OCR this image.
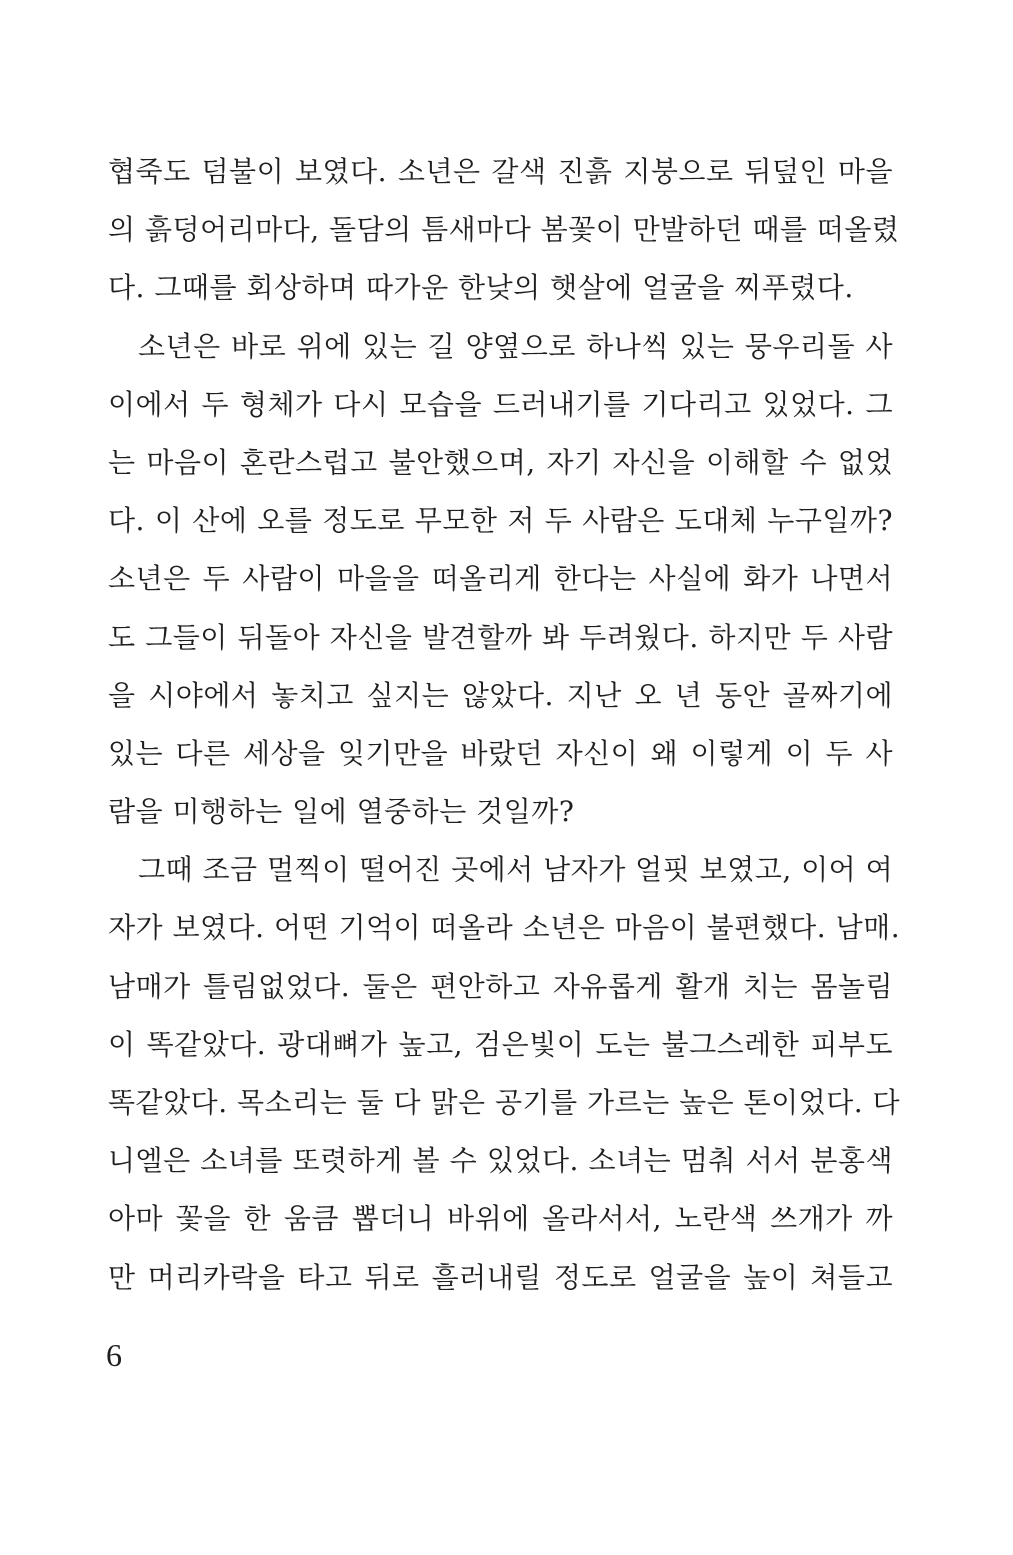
협죽도 덤불이 보였다. 소년은 갈색 진흙 지붕으로 뒤덮인 마을
의 흙덩어리마다, 돌담의 틈새마다 봄꽃이 만발하던 때를 떠올렸
다. 그때를 회상하며 따가운 한낮의 햇살에 얼굴을 찌푸렸다.
소년은 바로 위에 있는 길 양옆으로 하나씩 있는 뭉우리돌 사
이에서 두 형체가 다시 모습을 드러내기를 기다리고 있었다. 그
는 마음이 혼란스럽고 불안했으며, 자기 자신을 이해할 수 없었
다. 이 산에 오를 정도로 무모한 저 두 사람은 도대체 누구일까?
소년은 두 사람이 마을을 떠올리게 한다는 사실에 화가 나면서
도 그들이 뒤돌아 자신을 발견할까 봐 두려웠다. 하지만 두 사람
을 시야에서 놓치고 싶지는 않았다. 지난 오 년 동안 골짜기에
있는 다른 세상을 잊기만을 바랐던 자신이 왜 이렇게 이 두 사
람을 미행하는 일에 열중하는 것일까?
그때 조금 멀찍이 떨어진 곳에서 남자가 얼핏 보였고, 이어 여
자가 보였다. 어떤 기억이 떠올라 소년은 마음이 불편했다. 남매.
남매가 틀림없었다. 둘은 편안하고 자유롭게 활개 치는 몸놀림
이 똑같았다. 광대뼈가 높고, 검은빛이 도는 불그스레한 피부도
똑같았다. 목소리는 둘 다 맑은 공기를 가르는 높은 톤이었다. 다
니엘은 소녀를 또렷하게 볼 수 있었다. 소녀는 멈춰 서서 분홍색
아마 꽃을 한 움큼 뽑더니 바위에 올라서서, 노란색 쓰개가 까
만 머리카락을 타고 뒤로 흘러내릴 정도로 얼굴을 높이 쳐들고
6
